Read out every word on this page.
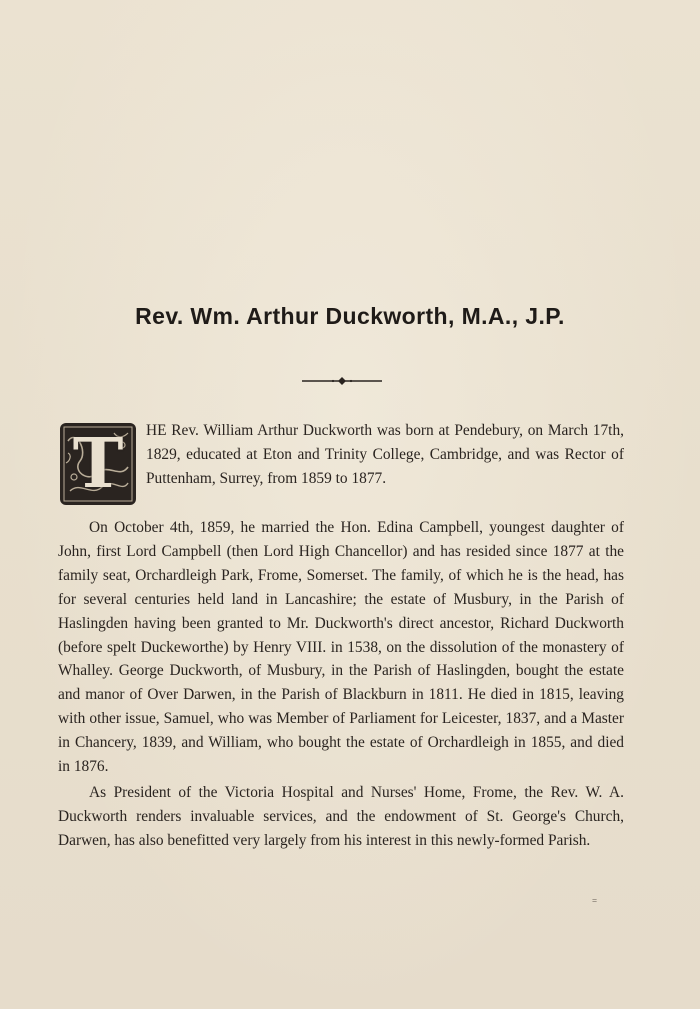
Rev. Wm. Arthur Duckworth, M.A., J.P.

T	HE Rev. William Arthur Duckworth was born at Pendebury, on March 17th, 1829, educated at Eton and Trinity College, Cambridge, and was Rector of Puttenham, Surrey, from 1859 to 1877.

On October 4th, 1859, he married the Hon. Edina Campbell, youngest daughter of John, first Lord Campbell (then Lord High Chancellor) and has resided since 1877 at the family seat, Orchardleigh Park, Frome, Somerset. The family, of which he is the head, has for several centuries held land in Lancashire; the estate of Musbury, in the Parish of Haslingden having been granted to Mr. Duckworth's direct ancestor, Richard Duckworth (before spelt Duckeworthe) by Henry VIII. in 1538, on the dissolution of the monastery of Whalley. George Duckworth, of Musbury, in the Parish of Haslingden, bought the estate and manor of Over Darwen, in the Parish of Blackburn in 1811. He died in 1815, leaving with other issue, Samuel, who was Member of Parliament for Leicester, 1837, and a Master in Chancery, 1839, and William, who bought the estate of Orchardleigh in 1855, and died in 1876.

As President of the Victoria Hospital and Nurses' Home, Frome, the Rev. W. A. Duckworth renders invaluable services, and the endowment of St. George's Church, Darwen, has also benefitted very largely from his interest in this newly-formed Parish.

=
